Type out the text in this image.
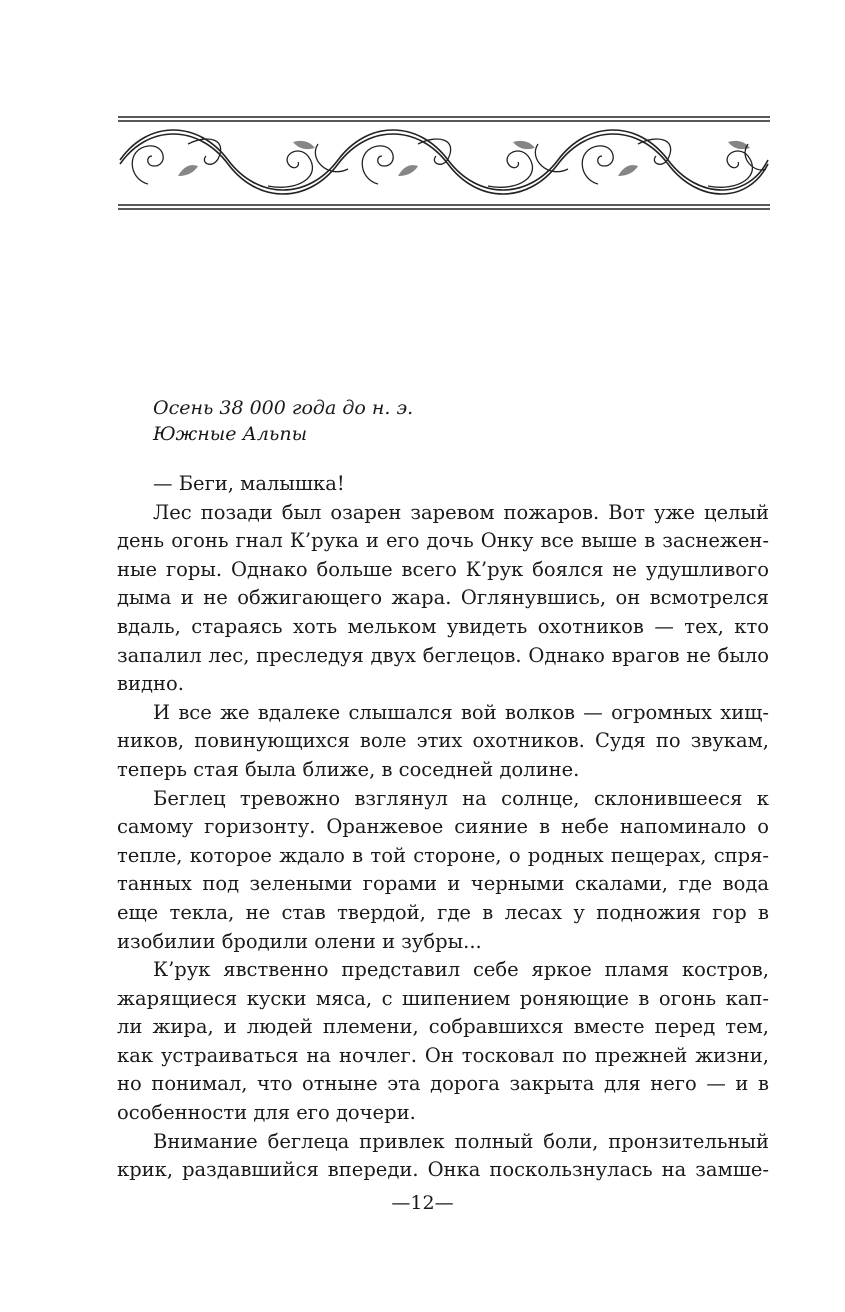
Осень 38 000 года до н. э.
Южные Альпы

— Беги, малышка!

Лес позади был озарен заревом пожаров. Вот уже целый
день огонь гнал К’рука и его дочь Онку все выше в заснежен-
ные горы. Однако больше всего К’рук боялся не удушливого
дыма и не обжигающего жара. Оглянувшись, он всмотрелся
вдаль, стараясь хоть мельком увидеть охотников — тех, кто
запалил лес, преследуя двух беглецов. Однако врагов не было
видно.

И все же вдалеке слышался вой волков — огромных хищ-
ников, повинующихся воле этих охотников. Судя по звукам,
теперь стая была ближе, в соседней долине.

Беглец тревожно взглянул на солнце, склонившееся к
самому горизонту. Оранжевое сияние в небе напоминало о
тепле, которое ждало в той стороне, о родных пещерах, спря-
танных под зелеными горами и черными скалами, где вода
еще текла, не став твердой, где в лесах у подножия гор в
изобилии бродили олени и зубры...

К’рук явственно представил себе яркое пламя костров,
жарящиеся куски мяса, с шипением роняющие в огонь кап-
ли жира, и людей племени, собравшихся вместе перед тем,
как устраиваться на ночлег. Он тосковал по прежней жизни,
но понимал, что отныне эта дорога закрыта для него — и в
особенности для его дочери.

Внимание беглеца привлек полный боли, пронзительный
крик, раздавшийся впереди. Онка поскользнулась на замше-

—12—
